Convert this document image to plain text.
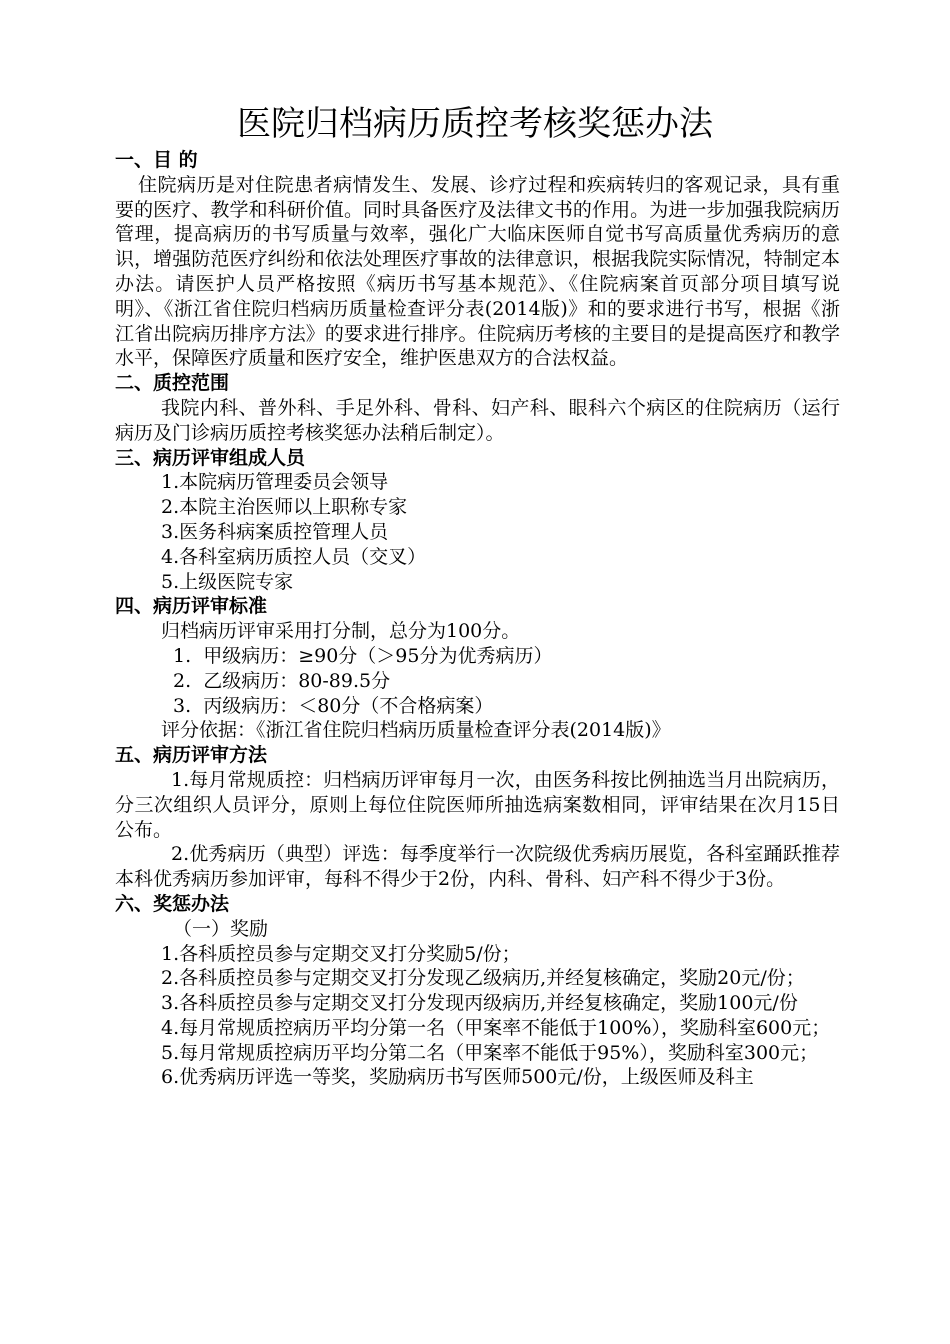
医院归档病历质控考核奖惩办法
一、目 的
住院病历是对住院患者病情发生、发展、诊疗过程和疾病转归的客观记录，具有重要的医疗、教学和科研价值。同时具备医疗及法律文书的作用。为进一步加强我院病历管理，提高病历的书写质量与效率，强化广大临床医师自觉书写高质量优秀病历的意识，增强防范医疗纠纷和依法处理医疗事故的法律意识，根据我院实际情况，特制定本办法。请医护人员严格按照《病历书写基本规范》、《住院病案首页部分项目填写说明》、《浙江省住院归档病历质量检查评分表(2014版)》和的要求进行书写，根据《浙江省出院病历排序方法》的要求进行排序。住院病历考核的主要目的是提高医疗和教学水平，保障医疗质量和医疗安全，维护医患双方的合法权益。
二、质控范围
我院内科、普外科、手足外科、骨科、妇产科、眼科六个病区的住院病历（运行病历及门诊病历质控考核奖惩办法稍后制定）。
三、病历评审组成人员
1.本院病历管理委员会领导
2.本院主治医师以上职称专家
3.医务科病案质控管理人员
4.各科室病历质控人员（交叉）
5.上级医院专家
四、病历评审标准
归档病历评审采用打分制，总分为100分。
1.  甲级病历：≥90分（＞95分为优秀病历）
2.  乙级病历：80-89.5分
3.  丙级病历：＜80分（不合格病案）
评分依据：《浙江省住院归档病历质量检查评分表(2014版)》
五、病历评审方法
1.每月常规质控：归档病历评审每月一次，由医务科按比例抽选当月出院病历，分三次组织人员评分，原则上每位住院医师所抽选病案数相同，评审结果在次月15日公布。
2.优秀病历（典型）评选：每季度举行一次院级优秀病历展览，各科室踊跃推荐本科优秀病历参加评审，每科不得少于2份，内科、骨科、妇产科不得少于3份。
六、奖惩办法
（一）奖励
1.各科质控员参与定期交叉打分奖励5/份；
2.各科质控员参与定期交叉打分发现乙级病历,并经复核确定，奖励20元/份；
3.各科质控员参与定期交叉打分发现丙级病历,并经复核确定，奖励100元/份
4.每月常规质控病历平均分第一名（甲案率不能低于100%），奖励科室600元；
5.每月常规质控病历平均分第二名（甲案率不能低于95%），奖励科室300元；
6.优秀病历评选一等奖，奖励病历书写医师500元/份，上级医师及科主
